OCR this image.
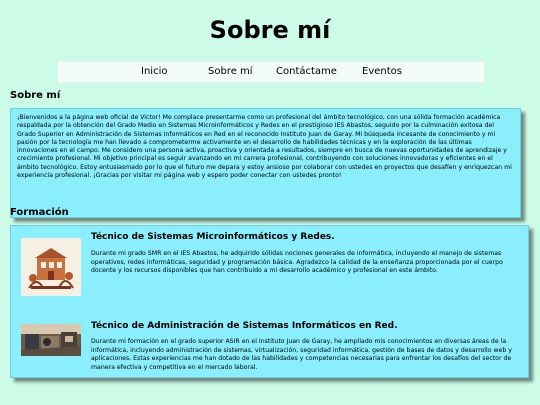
Sobre mí
Inicio	Sobre mí Contáctame	Eventos
Sobre mí

¡Bienvenidos a la página web oficial de Victor! Me complace presentarme como un profesional del ámbito tecnológico, con una sólida formación académica respaldada por la obtención del Grado Medio en Sistemas Microinformáticos y Redes en el prestigioso IES Abastos, seguido por la culminación exitosa del Grado Superior en Administración de Sistemas Informáticos en Red en el reconocido Instituto Juan de Garay. Mi búsqueda incesante de conocimiento y mi pasión por la tecnología me han llevado a comprometerme activamente en el desarrollo de habilidades técnicas y en la exploración de las últimas innovaciones en el campo. Me considero una persona activa, proactiva y orientada a resultados, siempre en busca de nuevas oportunidades de aprendizaje y crecimiento profesional. Mi objetivo principal es seguir avanzando en mi carrera profesional, contribuyendo con soluciones innovadoras y eficientes en el ámbito tecnológico. Estoy entusiasmado por lo que el futuro me depara y estoy ansioso por colaborar con ustedes en proyectos que desafíen y enriquezcan mi experiencia profesional. ¡Gracias por visitar mi página web y espero poder conectar con ustedes pronto!

Formación
Técnico de Sistemas Microinformáticos y Redes.

Durante mi grado SMR en el IES Abastos, he adquirido sólidas nociones generales de informática, incluyendo el manejo de sistemas operativos, redes informáticas, seguridad y programación básica. Agradezco la calidad de la enseñanza proporcionada por el cuerpo docente y los recursos disponibles que han contribuido a mi desarrollo académico y profesional en este ámbito.

Técnico de Administración de Sistemas Informáticos en Red.

Durante mi formación en el grado superior ASIR en el Instituto Juan de Garay, he ampliado mis conocimientos en diversas áreas de la informática, incluyendo administración de sistemas, virtualización, seguridad informática, gestión de bases de datos y desarrollo web y aplicaciones. Estas experiencias me han dotado de las habilidades y competencias necesarias para enfrentar los desafíos del sector de manera efectiva y competitiva en el mercado laboral.
